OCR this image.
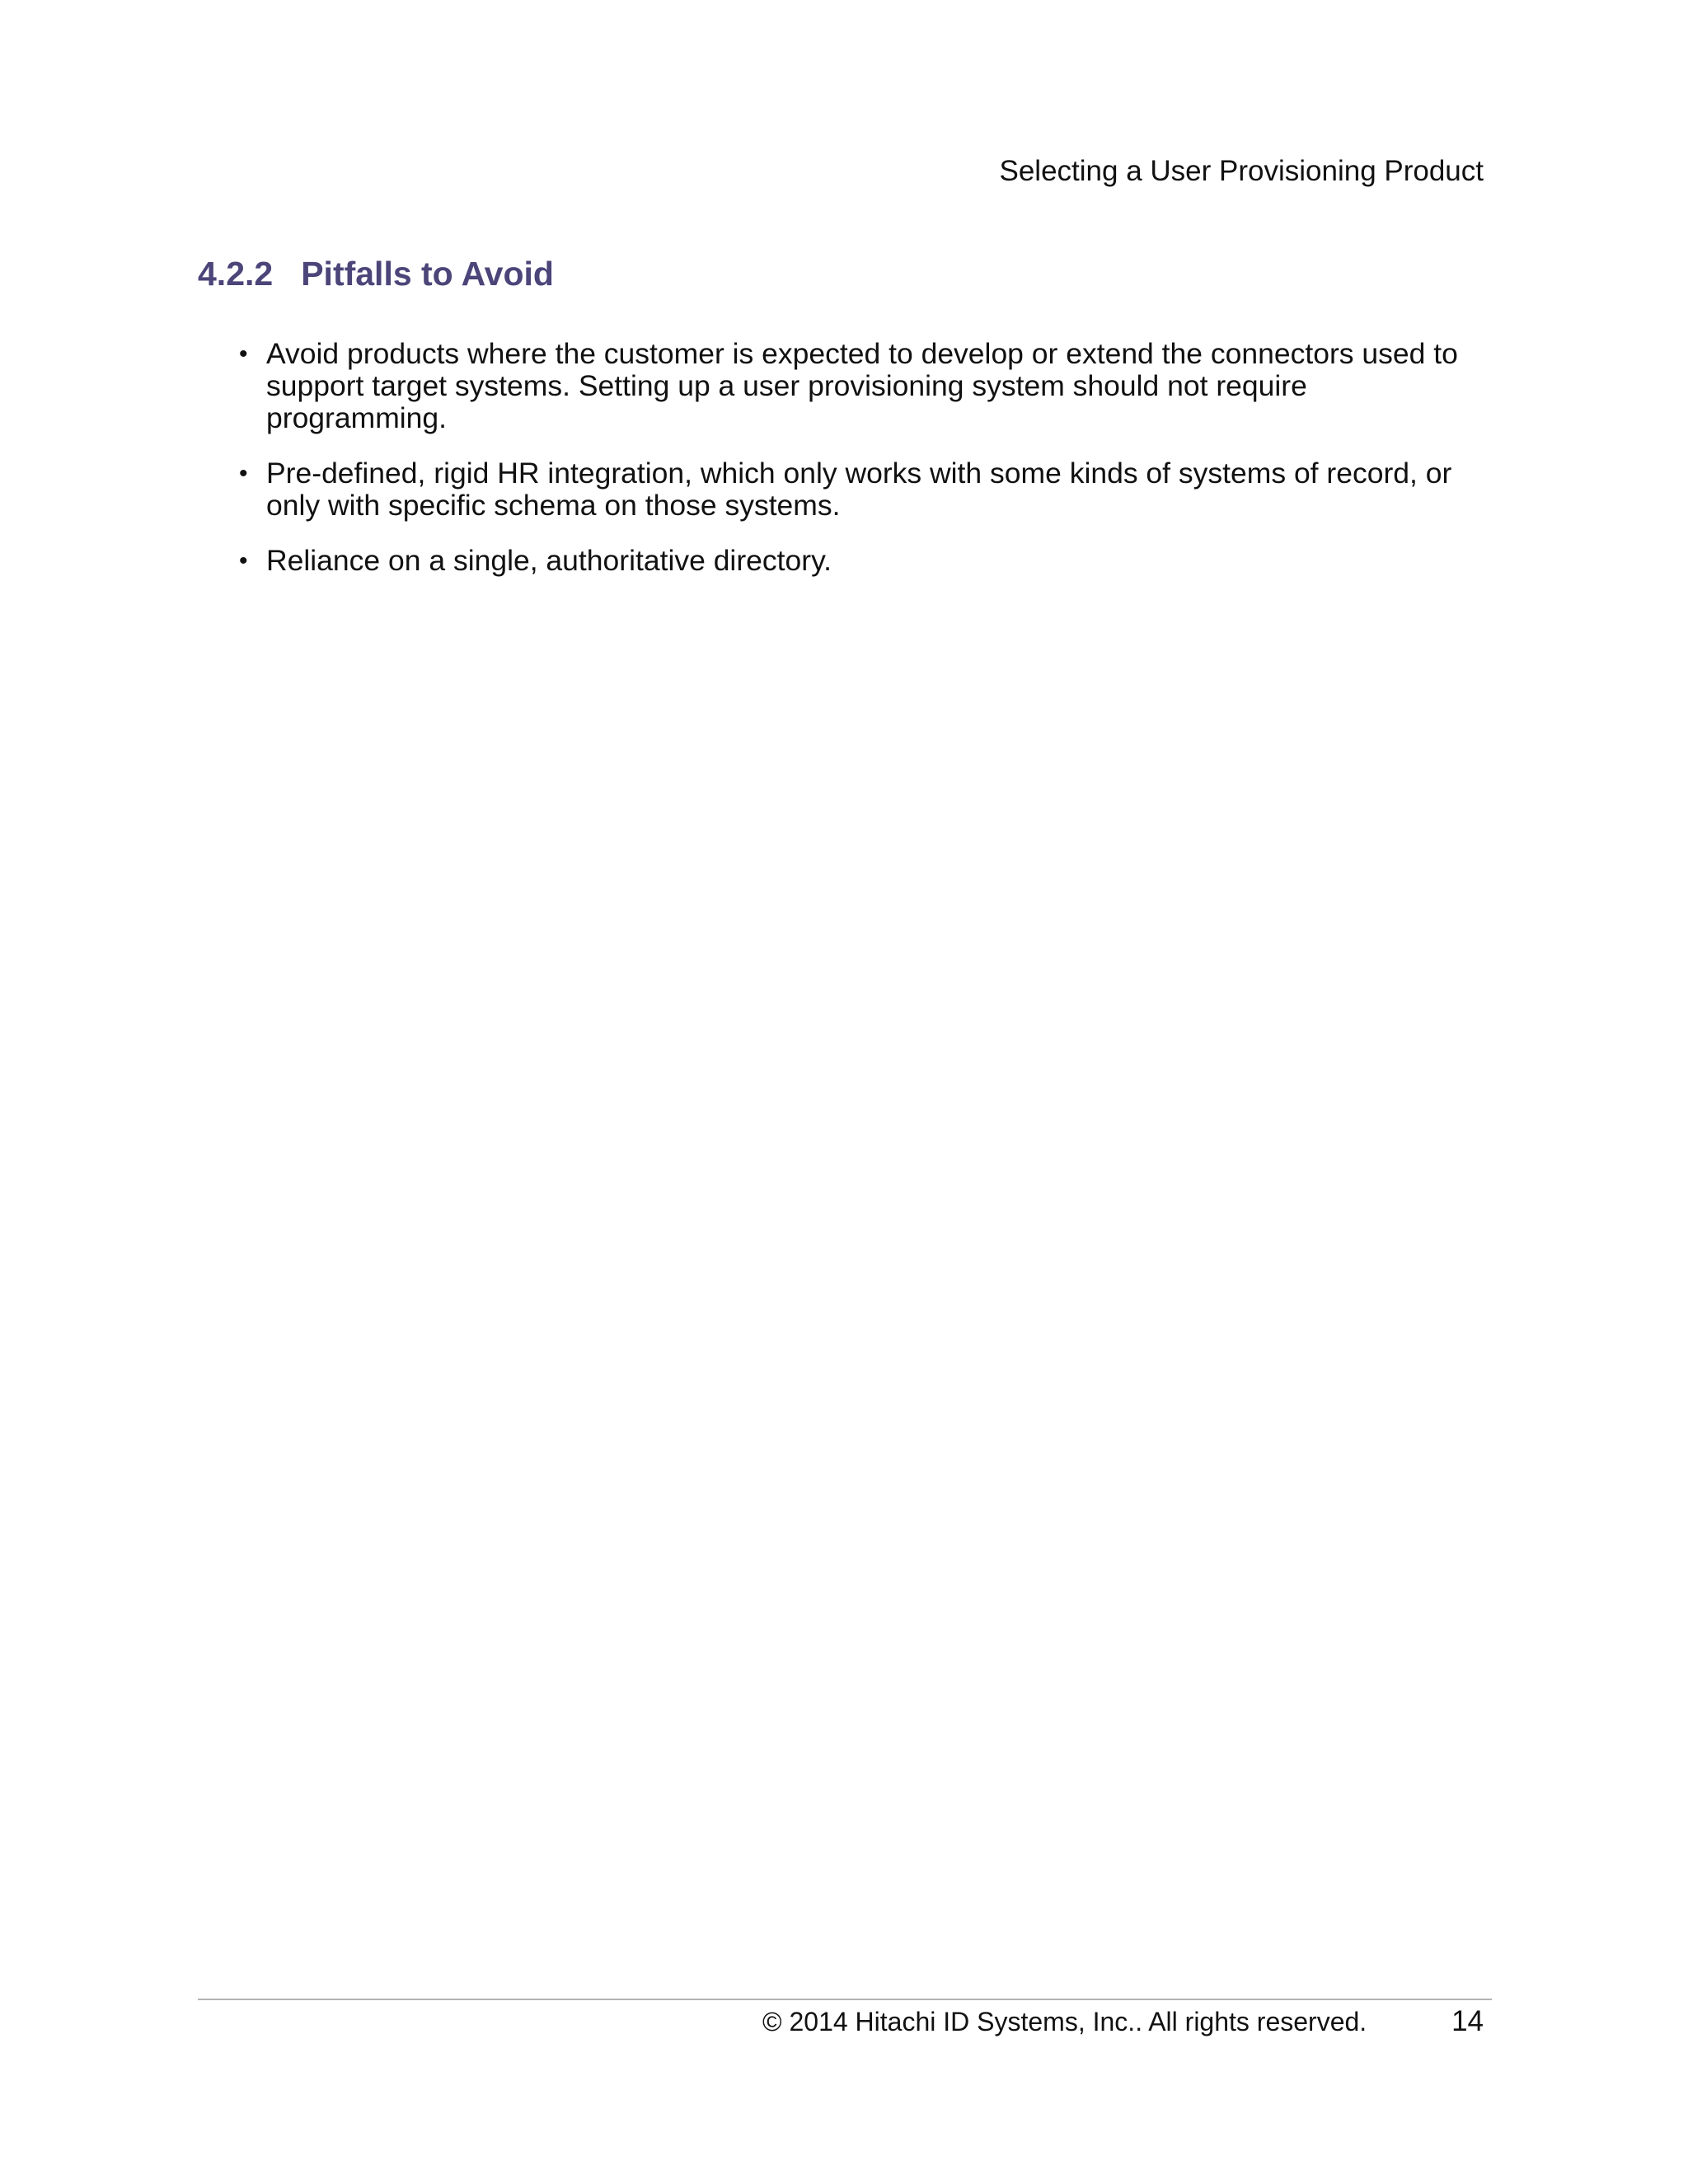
Selecting a User Provisioning Product
4.2.2 Pitfalls to Avoid
• Avoid products where the customer is expected to develop or extend the connectors used to support target systems. Setting up a user provisioning system should not require programming.
• Pre-defined, rigid HR integration, which only works with some kinds of systems of record, or only with specific schema on those systems.
• Reliance on a single, authoritative directory.
© 2014 Hitachi ID Systems, Inc.. All rights reserved.	14
